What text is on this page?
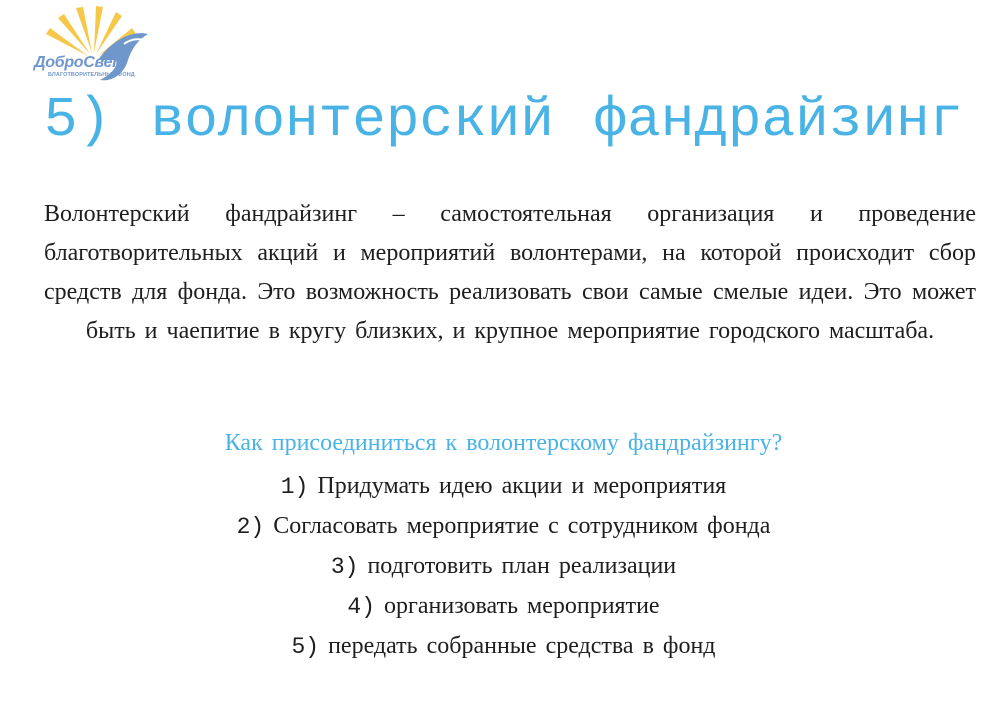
ДоброСвет
БЛАГОТВОРИТЕЛЬНЫЙ ФОНД
5) волонтерский фандрайзинг

Волонтерский фандрайзинг – самостоятельная организация и проведение благотворительных акций и мероприятий волонтерами, на которой происходит сбор средств для фонда. Это возможность реализовать свои самые смелые идеи. Это может быть и чаепитие в кругу близких, и крупное мероприятие городского масштаба.

Как присоединиться к волонтерскому фандрайзингу?
1) Придумать идею акции и мероприятия
2) Согласовать мероприятие с сотрудником фонда
3) подготовить план реализации
4) организовать мероприятие
5) передать собранные средства в фонд
